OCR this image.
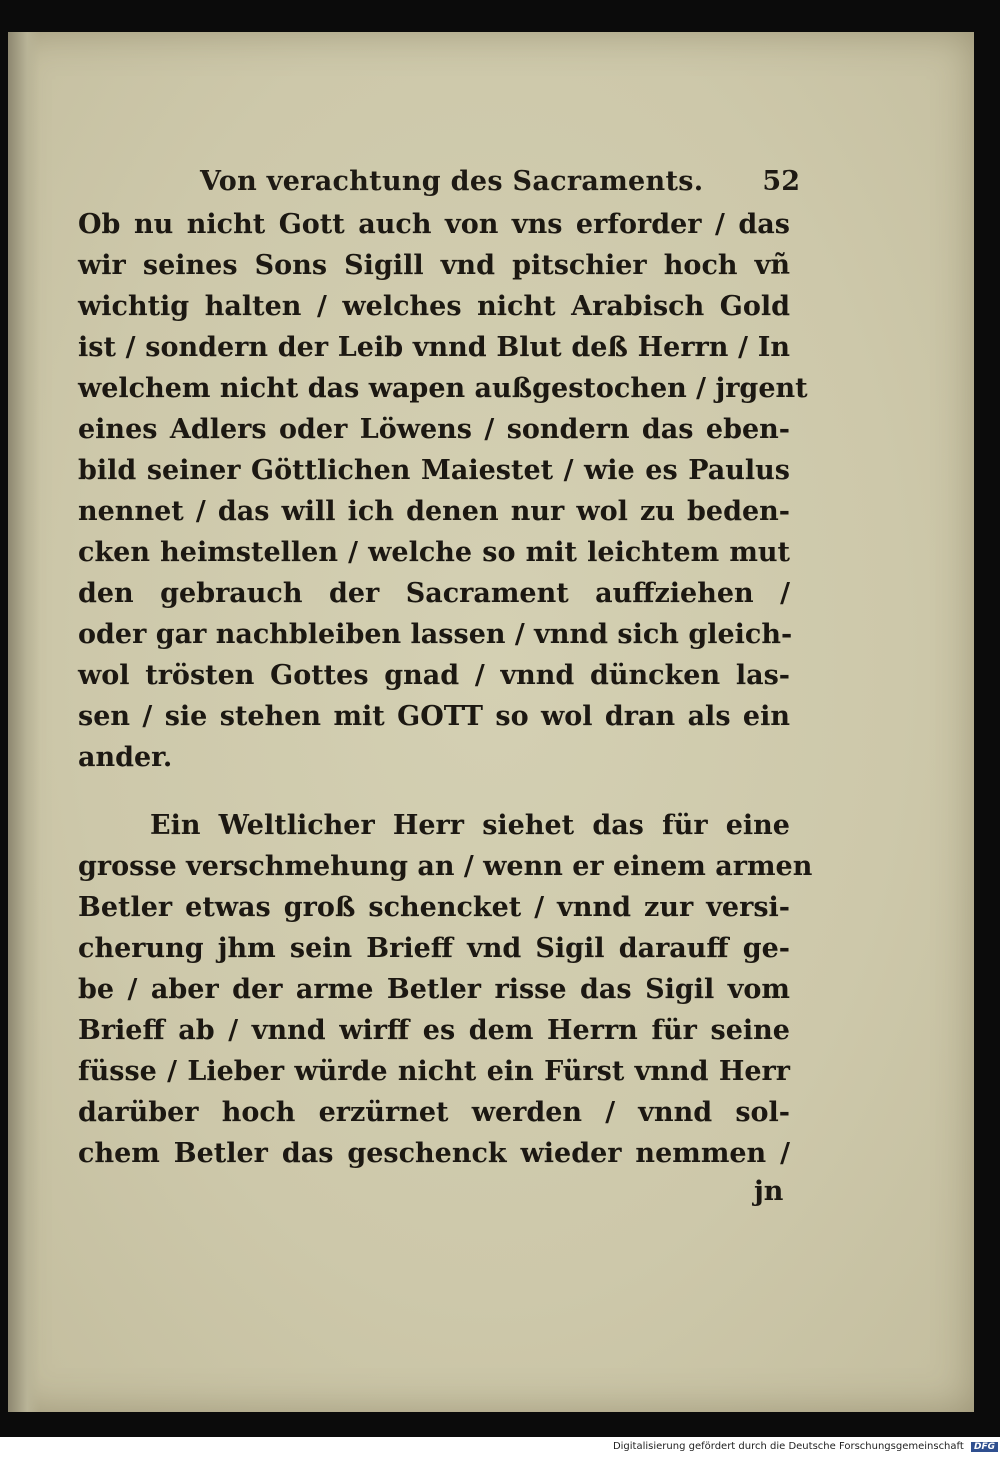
Von verachtung des Sacraments. 52
Ob nu nicht Gott auch von vns erforder / das
wir seines Sons Sigill vnd pitschier hoch vñ
wichtig halten / welches nicht Arabisch Gold
ist / sondern der Leib vnnd Blut deß Herrn / In
welchem nicht das wapen außgestochen / jrgent
eines Adlers oder Löwens / sondern das eben-
bild seiner Göttlichen Maiestet / wie es Paulus
nennet / das will ich denen nur wol zu beden-
cken heimstellen / welche so mit leichtem mut
den gebrauch der Sacrament auffziehen /
oder gar nachbleiben lassen / vnnd sich gleich-
wol trösten Gottes gnad / vnnd düncken las-
sen / sie stehen mit GOTT so wol dran als ein
ander.
Ein Weltlicher Herr siehet das für eine
grosse verschmehung an / wenn er einem armen
Betler etwas groß schencket / vnnd zur versi-
cherung jhm sein Brieff vnd Sigil darauff ge-
be / aber der arme Betler risse das Sigil vom
Brieff ab / vnnd wirff es dem Herrn für seine
füsse / Lieber würde nicht ein Fürst vnnd Herr
darüber hoch erzürnet werden / vnnd sol-
chem Betler das geschenck wieder nemmen /
jn
Digitalisierung gefördert durch die Deutsche Forschungsgemeinschaft DFG
